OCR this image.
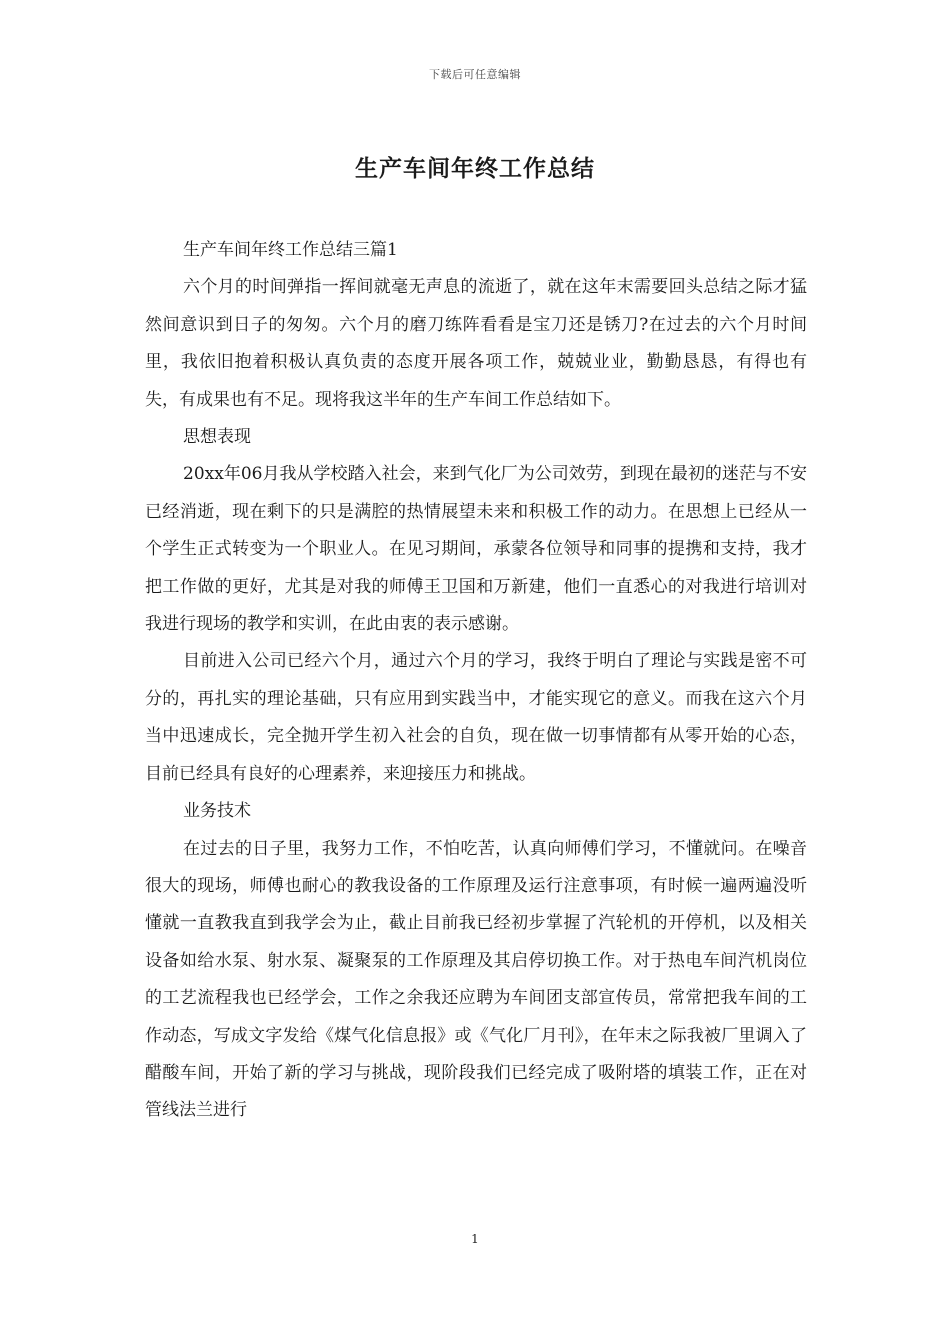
下载后可任意编辑
生产车间年终工作总结

生产车间年终工作总结三篇1

六个月的时间弹指一挥间就毫无声息的流逝了，就在这年末需要回头总结之际才猛然间意识到日子的匆匆。六个月的磨刀练阵看看是宝刀还是锈刀?在过去的六个月时间里，我依旧抱着积极认真负责的态度开展各项工作，兢兢业业，勤勤恳恳，有得也有失，有成果也有不足。现将我这半年的生产车间工作总结如下。

思想表现

20xx年06月我从学校踏入社会，来到气化厂为公司效劳，到现在最初的迷茫与不安已经消逝，现在剩下的只是满腔的热情展望未来和积极工作的动力。在思想上已经从一个学生正式转变为一个职业人。在见习期间，承蒙各位领导和同事的提携和支持，我才把工作做的更好，尤其是对我的师傅王卫国和万新建，他们一直悉心的对我进行培训对我进行现场的教学和实训，在此由衷的表示感谢。

目前进入公司已经六个月，通过六个月的学习，我终于明白了理论与实践是密不可分的，再扎实的理论基础，只有应用到实践当中，才能实现它的意义。而我在这六个月当中迅速成长，完全抛开学生初入社会的自负，现在做一切事情都有从零开始的心态，目前已经具有良好的心理素养，来迎接压力和挑战。

业务技术

在过去的日子里，我努力工作，不怕吃苦，认真向师傅们学习，不懂就问。在噪音很大的现场，师傅也耐心的教我设备的工作原理及运行注意事项，有时候一遍两遍没听懂就一直教我直到我学会为止，截止目前我已经初步掌握了汽轮机的开停机，以及相关设备如给水泵、射水泵、凝聚泵的工作原理及其启停切换工作。对于热电车间汽机岗位的工艺流程我也已经学会，工作之余我还应聘为车间团支部宣传员，常常把我车间的工作动态，写成文字发给《煤气化信息报》或《气化厂月刊》，在年末之际我被厂里调入了醋酸车间，开始了新的学习与挑战，现阶段我们已经完成了吸附塔的填装工作，正在对管线法兰进行

1
